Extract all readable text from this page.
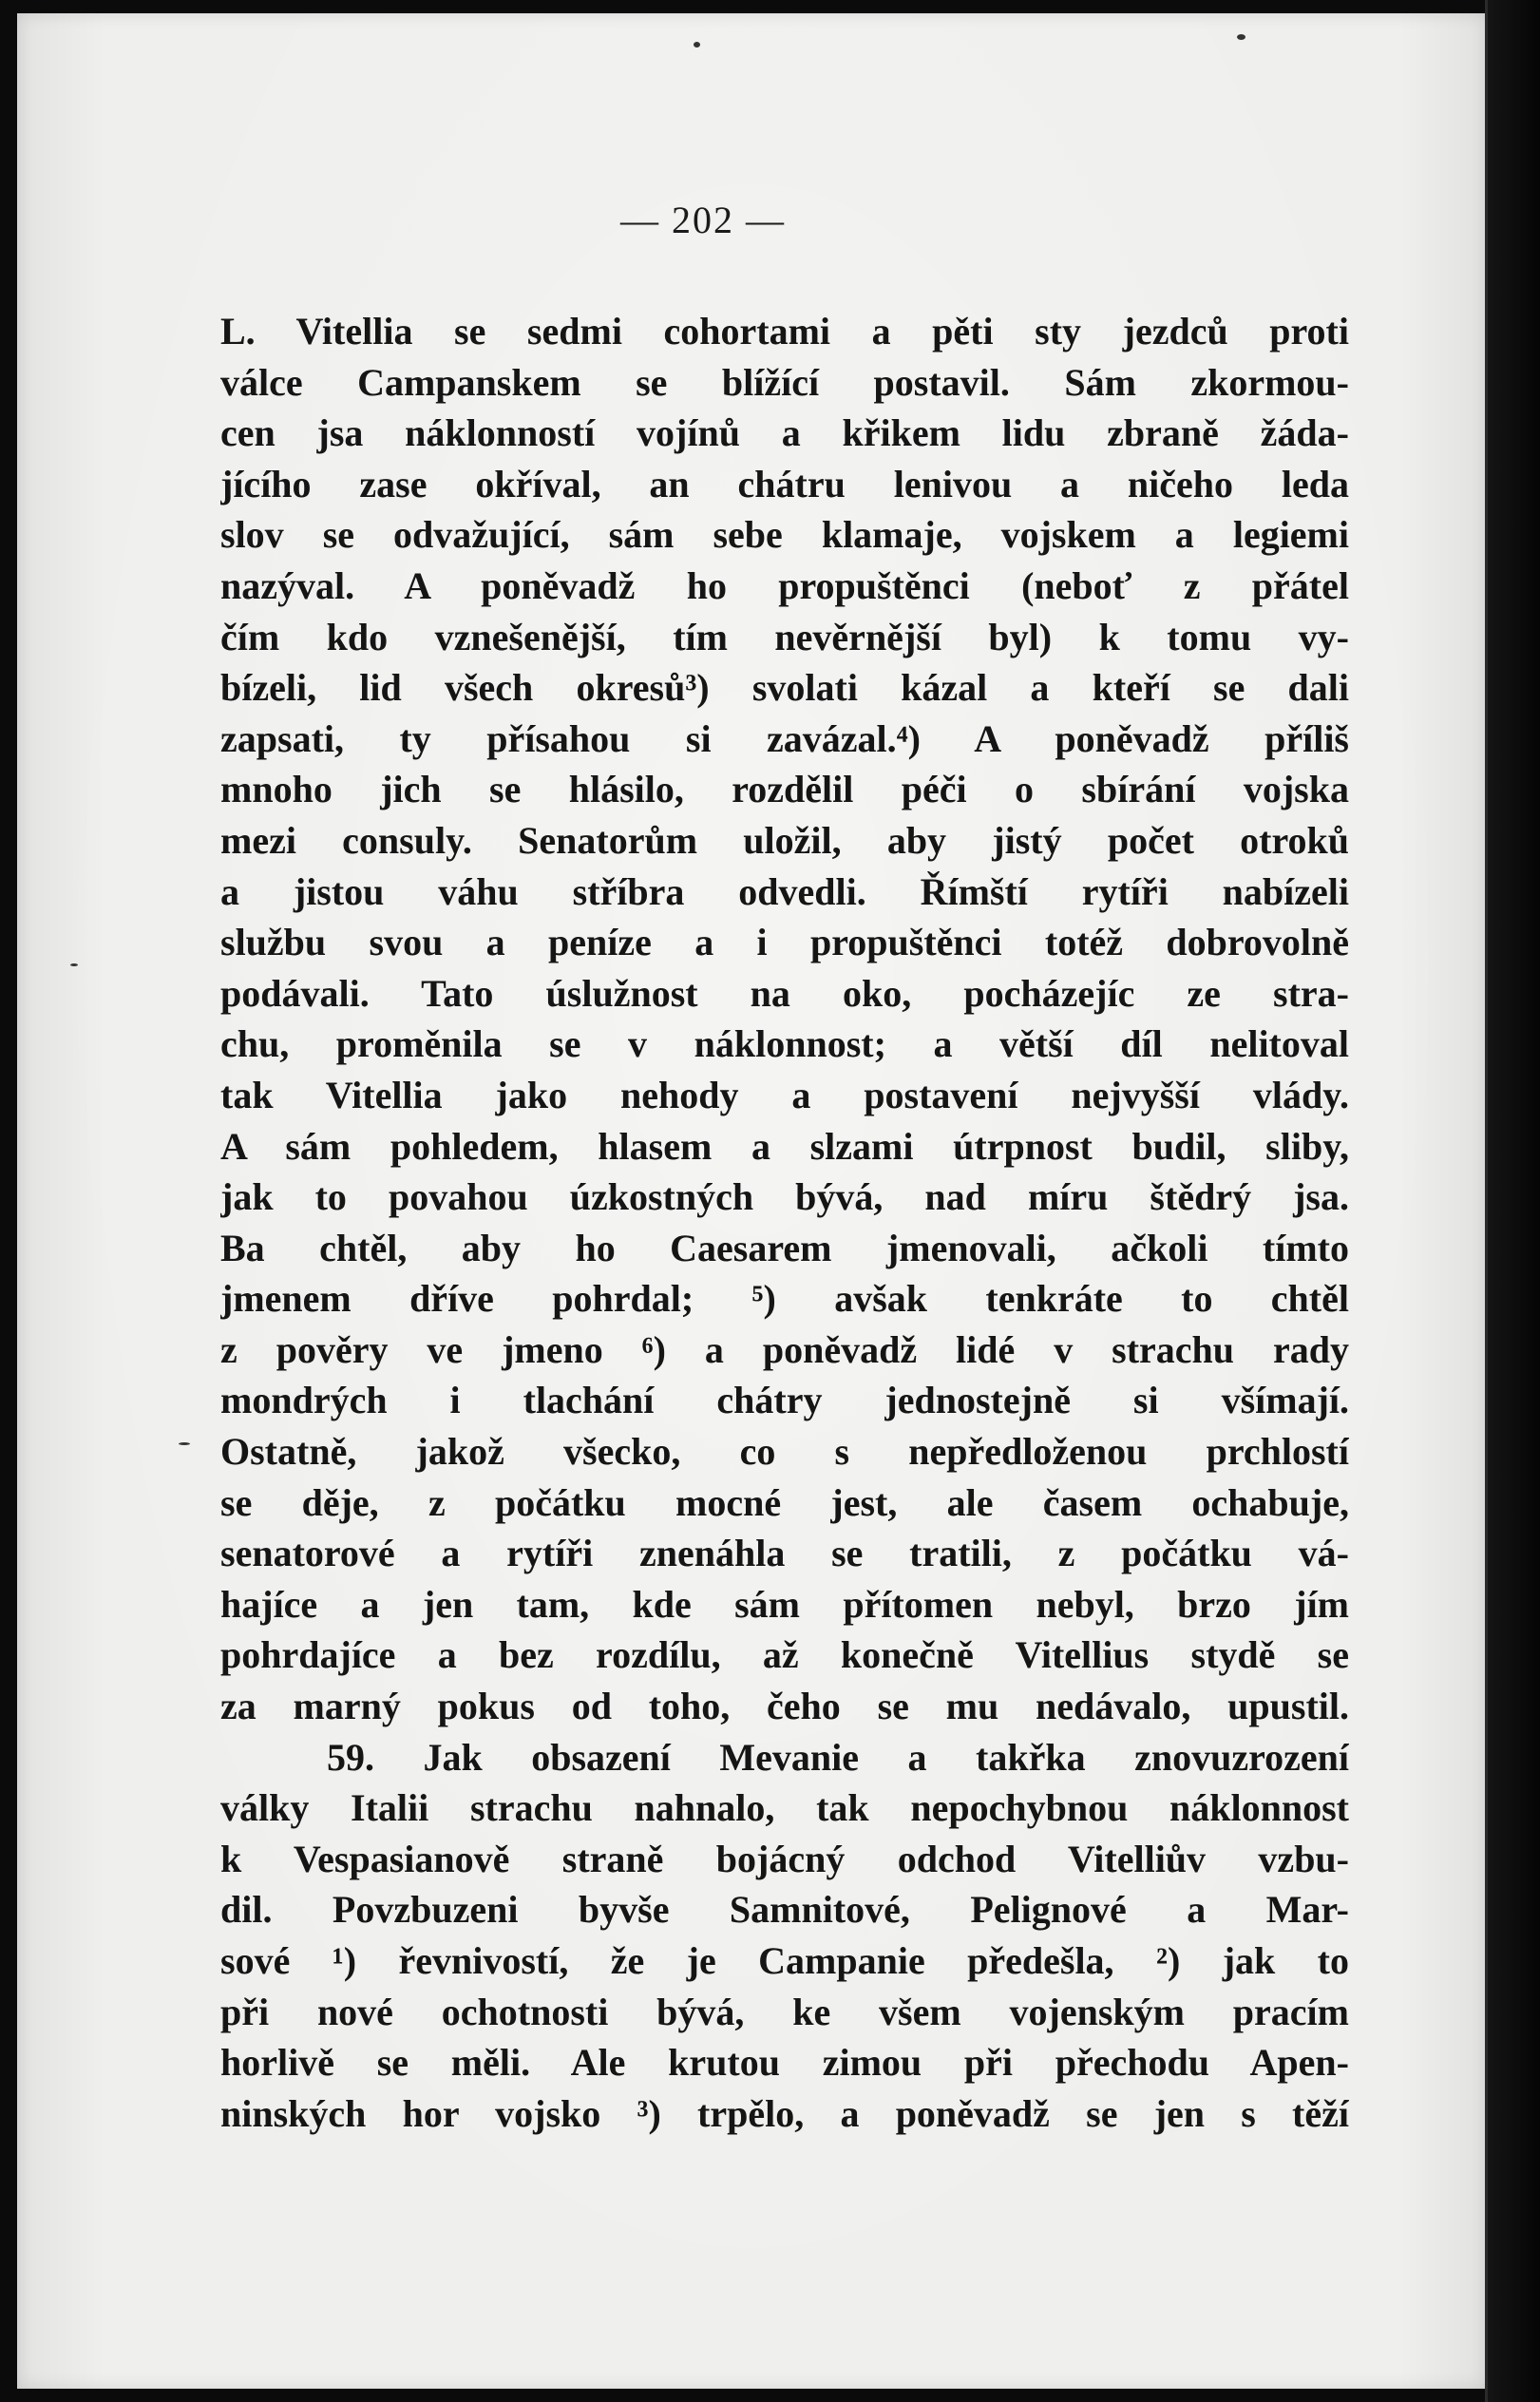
— 202 —
L. Vitellia se sedmi cohortami a pěti sty jezdců proti
válce Campanskem se blížící postavil. Sám zkormou-
cen jsa náklonností vojínů a křikem lidu zbraně žáda-
jícího zase okříval, an chátru lenivou a ničeho leda
slov se odvažující, sám sebe klamaje, vojskem a legiemi
nazýval. A poněvadž ho propuštěnci (neboť z přátel
čím kdo vznešenější, tím nevěrnější byl) k tomu vy-
bízeli, lid všech okresů³) svolati kázal a kteří se dali
zapsati, ty přísahou si zavázal.⁴) A poněvadž příliš
mnoho jich se hlásilo, rozdělil péči o sbírání vojska
mezi consuly. Senatorům uložil, aby jistý počet otroků
a jistou váhu stříbra odvedli. Římští rytíři nabízeli
službu svou a peníze a i propuštěnci totéž dobrovolně
podávali. Tato úslužnost na oko, pocházejíc ze stra-
chu, proměnila se v náklonnost; a větší díl nelitoval
tak Vitellia jako nehody a postavení nejvyšší vlády.
A sám pohledem, hlasem a slzami útrpnost budil, sliby,
jak to povahou úzkostných bývá, nad míru štědrý jsa.
Ba chtěl, aby ho Caesarem jmenovali, ačkoli tímto
jmenem dříve pohrdal; ⁵) avšak tenkráte to chtěl
z pověry ve jmeno ⁶) a poněvadž lidé v strachu rady
mondrých i tlachání chátry jednostejně si všímají.
Ostatně, jakož všecko, co s nepředloženou prchlostí
se děje, z počátku mocné jest, ale časem ochabuje,
senatorové a rytíři znenáhla se tratili, z počátku vá-
hajíce a jen tam, kde sám přítomen nebyl, brzo jím
pohrdajíce a bez rozdílu, až konečně Vitellius stydě se
za marný pokus od toho, čeho se mu nedávalo, upustil.
59. Jak obsazení Mevanie a takřka znovuzrození
války Italii strachu nahnalo, tak nepochybnou náklonnost
k Vespasianově straně bojácný odchod Vitelliův vzbu-
dil. Povzbuzeni byvše Samnitové, Pelignové a Mar-
sové ¹) řevnivostí, že je Campanie předešla, ²) jak to
při nové ochotnosti bývá, ke všem vojenským pracím
horlivě se měli. Ale krutou zimou při přechodu Apen-
ninských hor vojsko ³) trpělo, a poněvadž se jen s těží
